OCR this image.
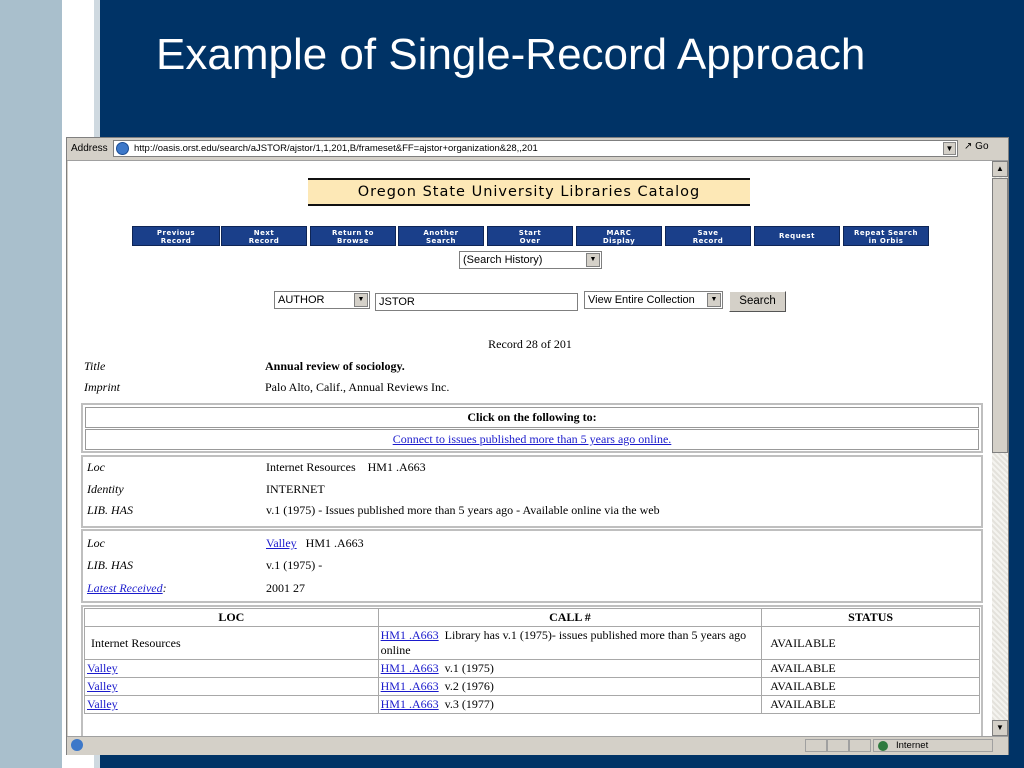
Example of Single-Record Approach
Address	http://oasis.orst.edu/search/aJSTOR/ajstor/1,1,201,B/frameset&FF=ajstor+organization&28,,201	▼ ↗ Go
Oregon State University Libraries Catalog
Previous
Record
Next
Record
Return to
Browse
Another
Search
Start
Over
MARC
Display
Save
Record
Request	Repeat Search
in Orbis
(Search History)	▼
AUTHOR	▼	JSTOR	View Entire Collection	▼	Search
Record 28 of 201
Title	Annual review of sociology.
Imprint	Palo Alto, Calif., Annual Reviews Inc.
Click on the following to:
Connect to issues published more than 5 years ago online.
Loc	Internet Resources    HM1 .A663
Identity	INTERNET
LIB. HAS	v.1 (1975) - Issues published more than 5 years ago - Available online via the web
Loc	Valley HM1 .A663
LIB. HAS	v.1 (1975) -
Latest Received:	2001 27
LOC	CALL #	STATUS
Internet Resources	HM1 .A663 Library has v.1 (1975)- issues published more than 5 years ago online	AVAILABLE
Valley	HM1 .A663 v.1 (1975)	AVAILABLE
Valley	HM1 .A663 v.2 (1976)	AVAILABLE
Valley	HM1 .A663 v.3 (1977)	AVAILABLE
▲
▼
Internet
